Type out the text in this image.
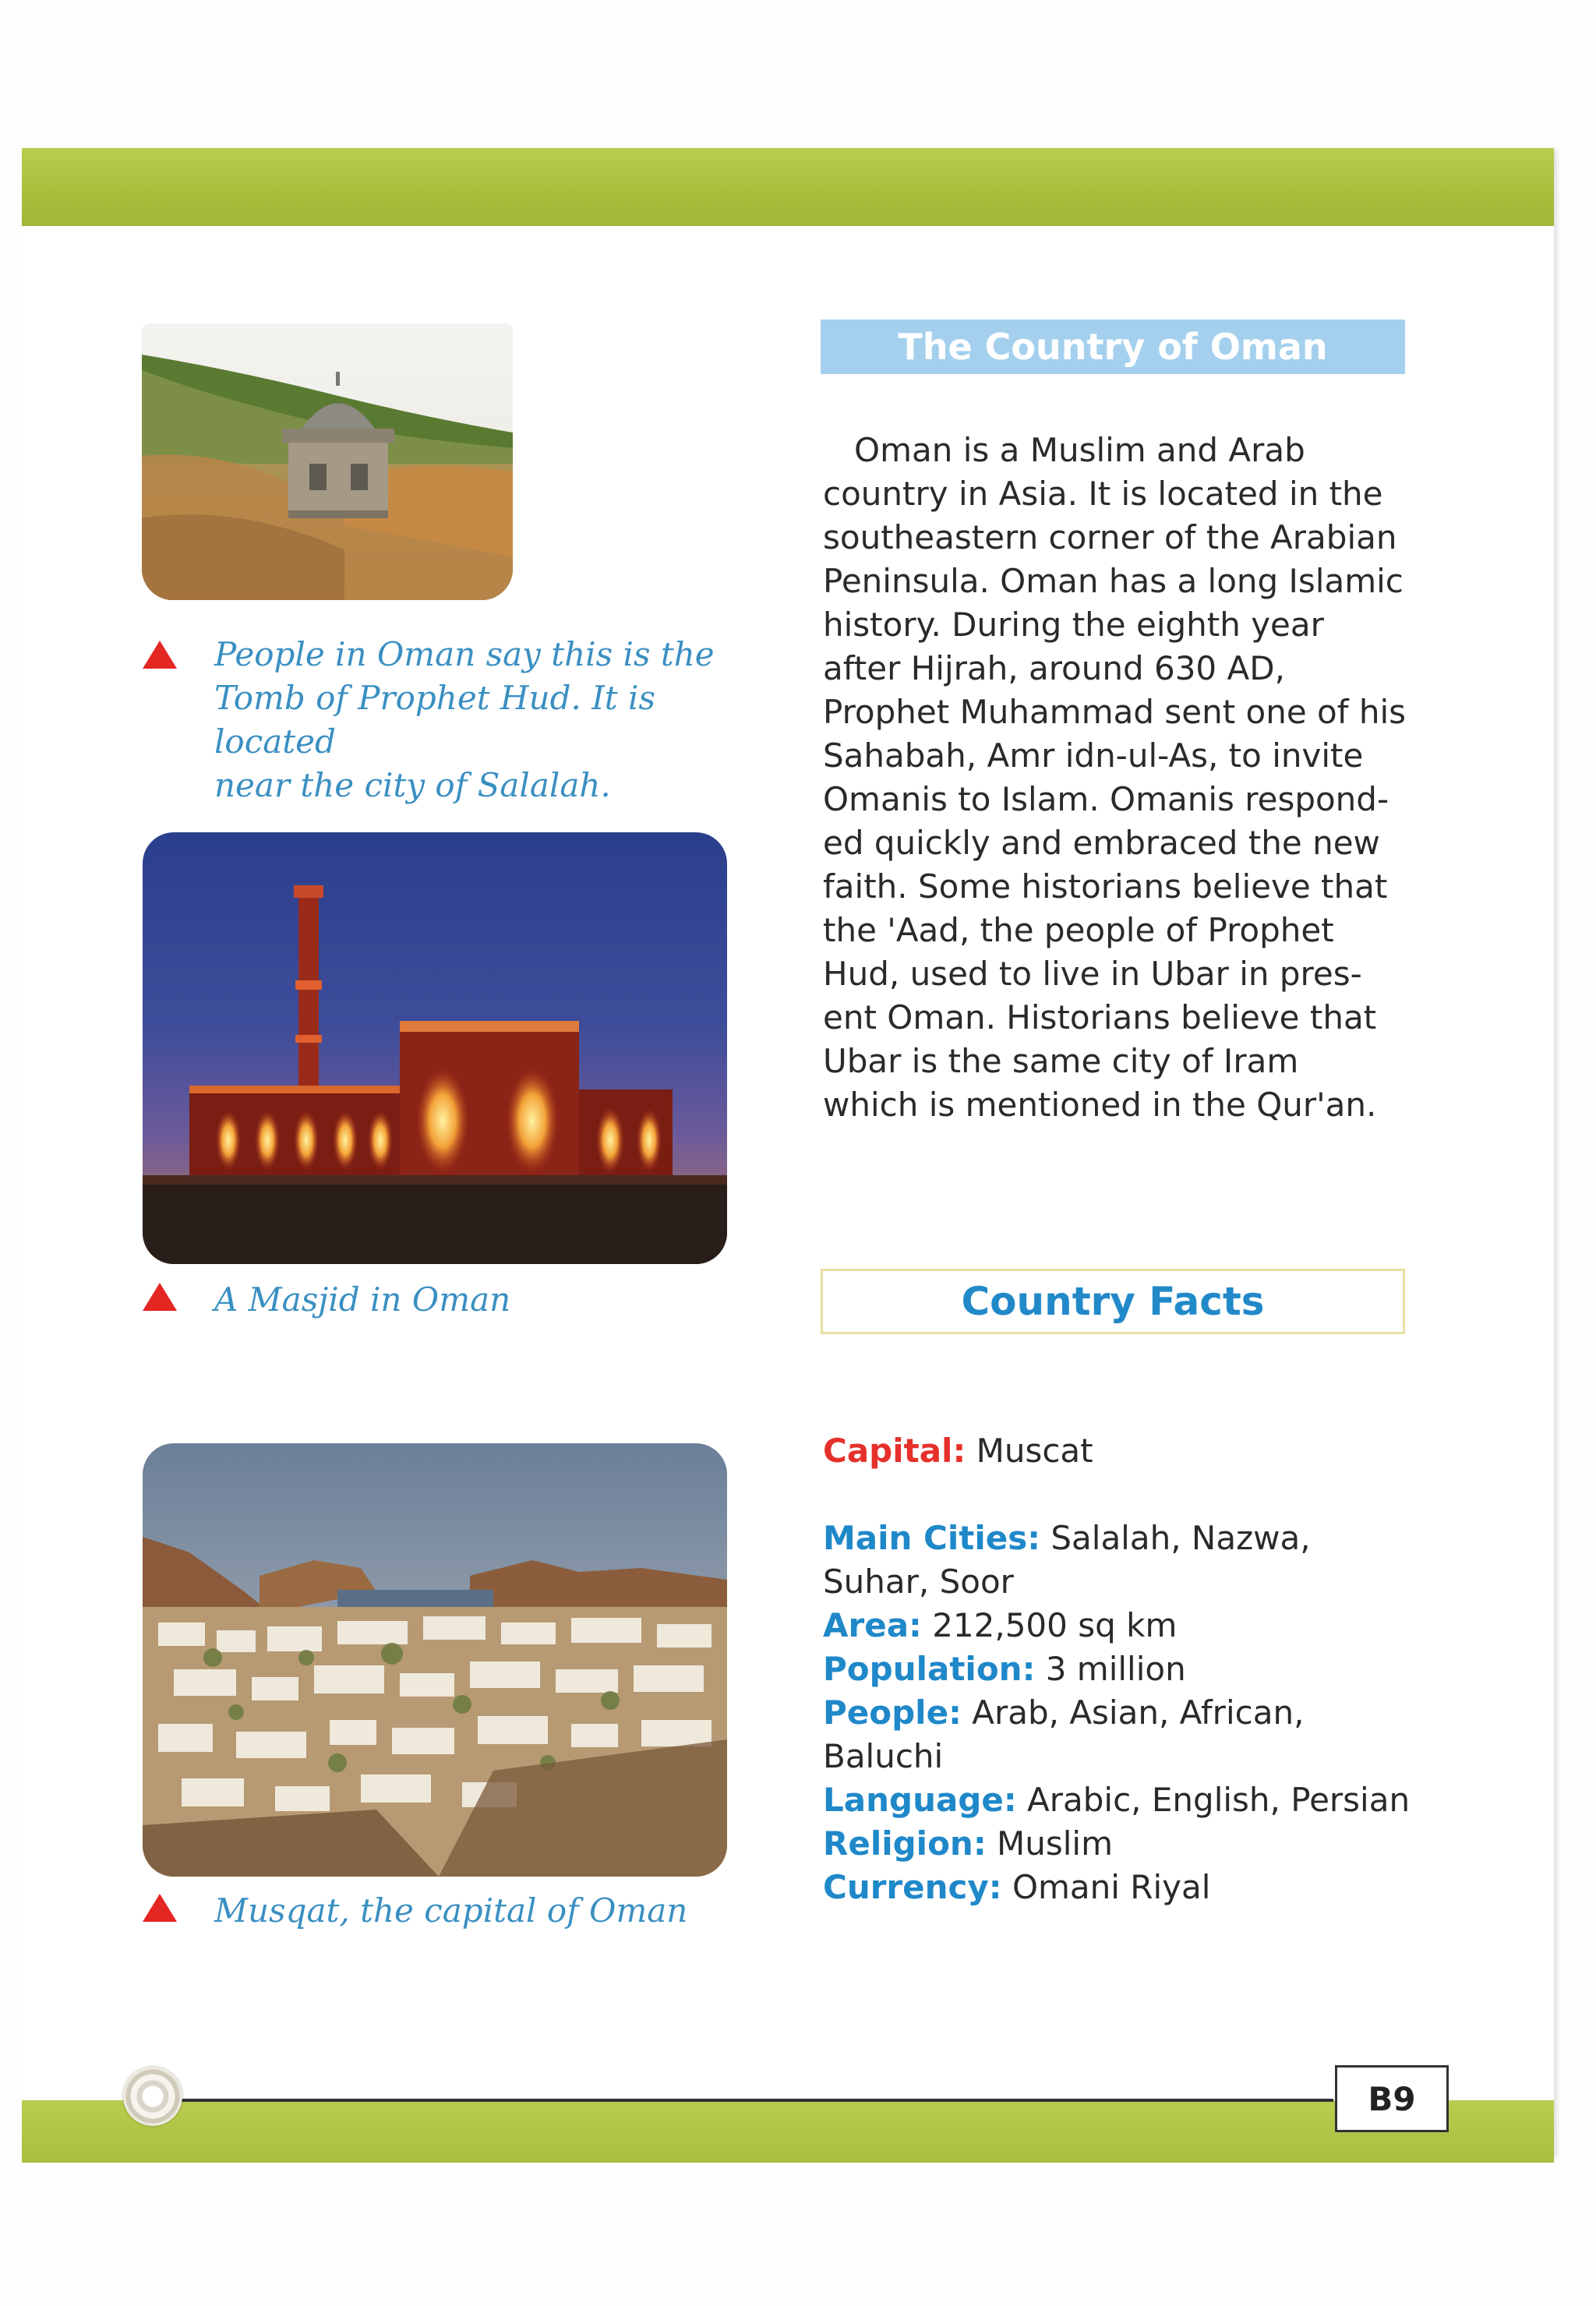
People in Oman say this is the
Tomb of Prophet Hud. It is located
near the city of Salalah.
A Masjid in Oman
Musqat, the capital of Oman
The Country of Oman
Oman is a Muslim and Arab
country in Asia. It is located in the
southeastern corner of the Arabian
Peninsula. Oman has a long Islamic
history. During the eighth year
after Hijrah, around 630 AD,
Prophet Muhammad sent one of his
Sahabah, Amr idn-ul-As, to invite
Omanis to Islam. Omanis respond-
ed quickly and embraced the new
faith. Some historians believe that
the 'Aad, the people of Prophet
Hud, used to live in Ubar in pres-
ent Oman. Historians believe that
Ubar is the same city of Iram
which is mentioned in the Qur'an.
Country Facts
Capital: Muscat
Main Cities: Salalah, Nazwa,
Suhar, Soor
Area: 212,500 sq km
Population: 3 million
People: Arab, Asian, African,
Baluchi
Language: Arabic, English, Persian
Religion: Muslim
Currency: Omani Riyal
B9
